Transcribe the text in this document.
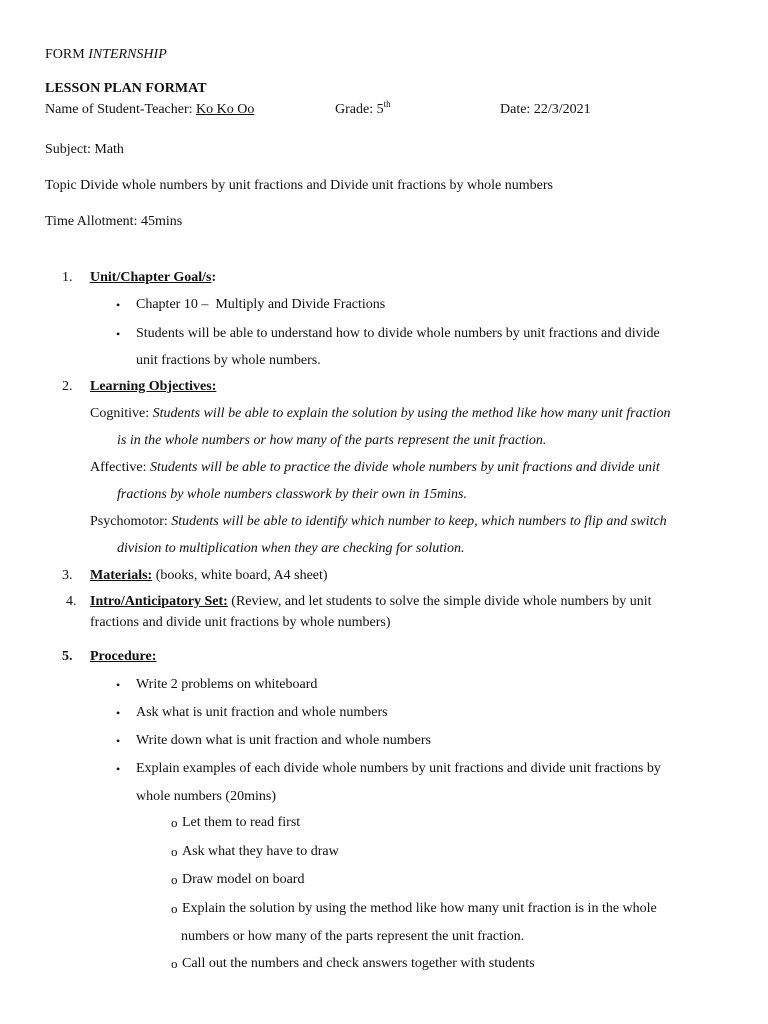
FORM INTERNSHIP
LESSON PLAN FORMAT
Name of Student-Teacher: Ko Ko Oo	Grade: 5th	Date: 22/3/2021
Subject: Math
Topic Divide whole numbers by unit fractions and Divide unit fractions by whole numbers
Time Allotment: 45mins
1. Unit/Chapter Goal/s:
• Chapter 10 –  Multiply and Divide Fractions
• Students will be able to understand how to divide whole numbers by unit fractions and divide
unit fractions by whole numbers.
2. Learning Objectives:
Cognitive: Students will be able to explain the solution by using the method like how many unit fraction
is in the whole numbers or how many of the parts represent the unit fraction.
Affective: Students will be able to practice the divide whole numbers by unit fractions and divide unit
fractions by whole numbers classwork by their own in 15mins.
Psychomotor: Students will be able to identify which number to keep, which numbers to flip and switch
division to multiplication when they are checking for solution.
3. Materials: (books, white board, A4 sheet)
4. Intro/Anticipatory Set: (Review, and let students to solve the simple divide whole numbers by unit
fractions and divide unit fractions by whole numbers)
5. Procedure:
• Write 2 problems on whiteboard
• Ask what is unit fraction and whole numbers
• Write down what is unit fraction and whole numbers
• Explain examples of each divide whole numbers by unit fractions and divide unit fractions by
whole numbers (20mins)
o Let them to read first
o Ask what they have to draw
o Draw model on board
o Explain the solution by using the method like how many unit fraction is in the whole
numbers or how many of the parts represent the unit fraction.
o Call out the numbers and check answers together with students
